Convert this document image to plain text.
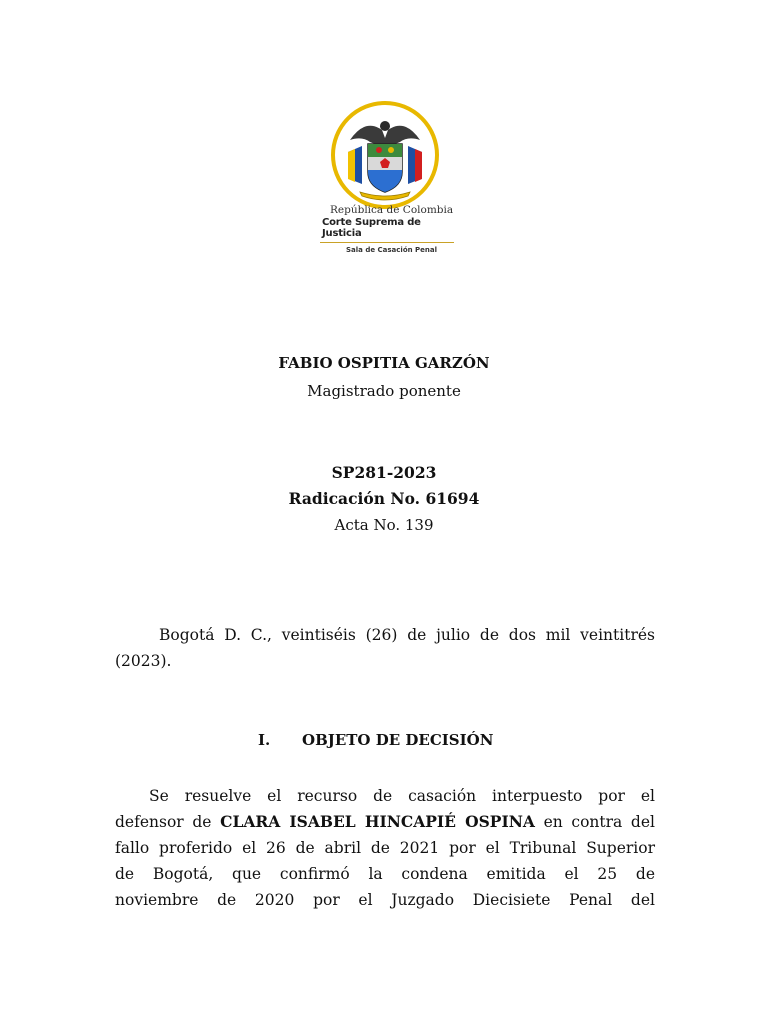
República de Colombia
Corte Suprema de Justicia
Sala de Casación Penal
FABIO OSPITIA GARZÓN
Magistrado ponente
SP281-2023
Radicación No. 61694
Acta No. 139
Bogotá D. C., veintiséis (26) de julio de dos mil veintitrés
(2023).
I. OBJETO DE DECISIÓN
Se resuelve el recurso de casación interpuesto por el
defensor de CLARA ISABEL HINCAPIÉ OSPINA en contra del
fallo proferido el 26 de abril de 2021 por el Tribunal Superior
de Bogotá, que confirmó la condena emitida el 25 de
noviembre de 2020 por el Juzgado Diecisiete Penal del
